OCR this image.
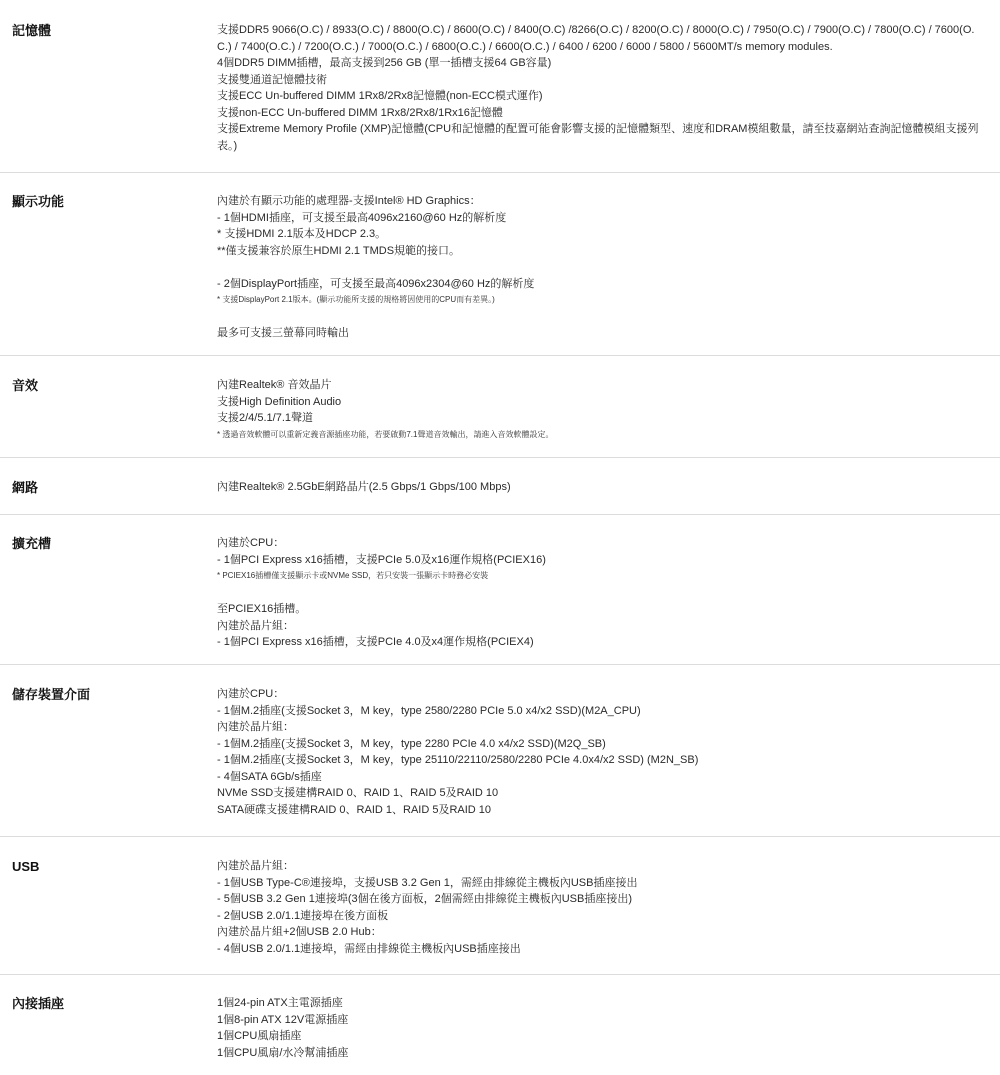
記憶體	支援DDR5 9066(O.C) / 8933(O.C) / 8800(O.C) / 8600(O.C) / 8400(O.C) /8266(O.C) / 8200(O.C) / 8000(O.C) / 7950(O.C) / 7900(O.C) / 7800(O.C) / 7600(O.C.) / 7400(O.C.) / 7200(O.C.) / 7000(O.C.) / 6800(O.C.) / 6600(O.C.) / 6400 / 6200 / 6000 / 5800 / 5600MT/s memory modules.
4個DDR5 DIMM插槽，最高支援到256 GB (單一插槽支援64 GB容量)
支援雙通道記憶體技術
支援ECC Un-buffered DIMM 1Rx8/2Rx8記憶體(non-ECC模式運作)
支援non-ECC Un-buffered DIMM 1Rx8/2Rx8/1Rx16記憶體
支援Extreme Memory Profile (XMP)記憶體(CPU和記憶體的配置可能會影響支援的記憶體類型、速度和DRAM模組數量，請至技嘉網站查詢記憶體模組支援列表。)
顯示功能	內建於有顯示功能的處理器-支援Intel® HD Graphics：
- 1個HDMI插座，可支援至最高4096x2160@60 Hz的解析度
* 支援HDMI 2.1版本及HDCP 2.3。
**僅支援兼容於原生HDMI 2.1 TMDS規範的接口。
- 2個DisplayPort插座，可支援至最高4096x2304@60 Hz的解析度
* 支援DisplayPort 2.1版本。(顯示功能所支援的規格將因使用的CPU而有差異。)
最多可支援三螢幕同時輸出
音效	內建Realtek® 音效晶片
支援High Definition Audio
支援2/4/5.1/7.1聲道
* 透過音效軟體可以重新定義音源插座功能，若要啟動7.1聲道音效輸出，請進入音效軟體設定。
網路	內建Realtek® 2.5GbE網路晶片(2.5 Gbps/1 Gbps/100 Mbps)
擴充槽	內建於CPU：
- 1個PCI Express x16插槽，支援PCIe 5.0及x16運作規格(PCIEX16)
* PCIEX16插槽僅支援顯示卡或NVMe SSD，若只安裝一張顯示卡時務必安裝
至PCIEX16插槽。
內建於晶片組：
- 1個PCI Express x16插槽，支援PCIe 4.0及x4運作規格(PCIEX4)
儲存裝置介面	內建於CPU：
- 1個M.2插座(支援Socket 3，M key，type 2580/2280 PCIe 5.0 x4/x2 SSD)(M2A_CPU)
內建於晶片組：
- 1個M.2插座(支援Socket 3，M key，type 2280 PCIe 4.0 x4/x2 SSD)(M2Q_SB)
- 1個M.2插座(支援Socket 3，M key，type 25110/22110/2580/2280 PCIe 4.0x4/x2 SSD) (M2N_SB)
- 4個SATA 6Gb/s插座
NVMe SSD支援建構RAID 0、RAID 1、RAID 5及RAID 10
SATA硬碟支援建構RAID 0、RAID 1、RAID 5及RAID 10
USB	內建於晶片組：
- 1個USB Type-C®連接埠，支援USB 3.2 Gen 1，需經由排線從主機板內USB插座接出
- 5個USB 3.2 Gen 1連接埠(3個在後方面板，2個需經由排線從主機板內USB插座接出)
- 2個USB 2.0/1.1連接埠在後方面板
內建於晶片組+2個USB 2.0 Hub：
- 4個USB 2.0/1.1連接埠，需經由排線從主機板內USB插座接出
內接插座	1個24-pin ATX主電源插座
1個8-pin ATX 12V電源插座
1個CPU風扇插座
1個CPU風扇/水冷幫浦插座
